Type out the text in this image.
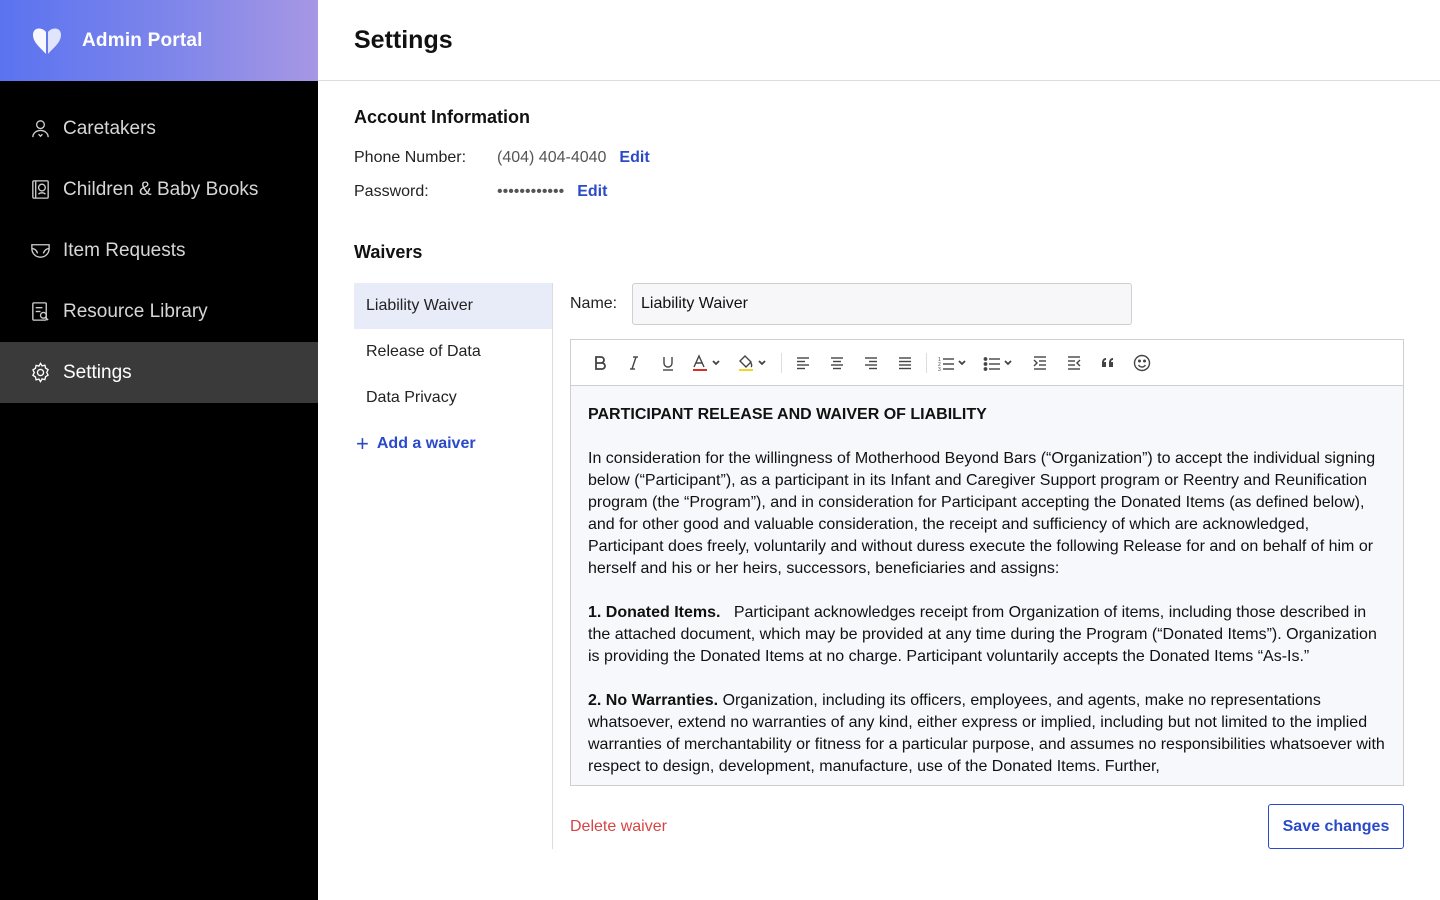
Admin Portal
Caretakers
Children & Baby Books
Item Requests
Resource Library
Settings
Settings
Account Information
Phone Number:	(404) 404-4040 Edit
Password:	•••••••••••• Edit
Waivers
Liability Waiver
Release of Data
Data Privacy
+ Add a waiver
Name:
Liability Waiver
1
2
3

PARTICIPANT RELEASE AND WAIVER OF LIABILITY

In consideration for the willingness of Motherhood Beyond Bars (“Organization”) to accept the individual signing below (“Participant”), as a participant in its Infant and Caregiver Support program or Reentry and Reunification program (the “Program”), and in consideration for Participant accepting the Donated Items (as defined below), and for other good and valuable consideration, the receipt and sufficiency of which are acknowledged, Participant does freely, voluntarily and without duress execute the following Release for and on behalf of him or herself and his or her heirs, successors, beneficiaries and assigns:

1. Donated Items. Participant acknowledges receipt from Organization of items, including those described in the attached document, which may be provided at any time during the Program (“Donated Items”). Organization is providing the Donated Items at no charge. Participant voluntarily accepts the Donated Items “As-Is.”

2. No Warranties. Organization, including its officers, employees, and agents, make no representations whatsoever, extend no warranties of any kind, either express or implied, including but not limited to the implied warranties of merchantability or fitness for a particular purpose, and assumes no responsibilities whatsoever with respect to design, development, manufacture, use of the Donated Items. Further,

Delete waiver	Save changes
